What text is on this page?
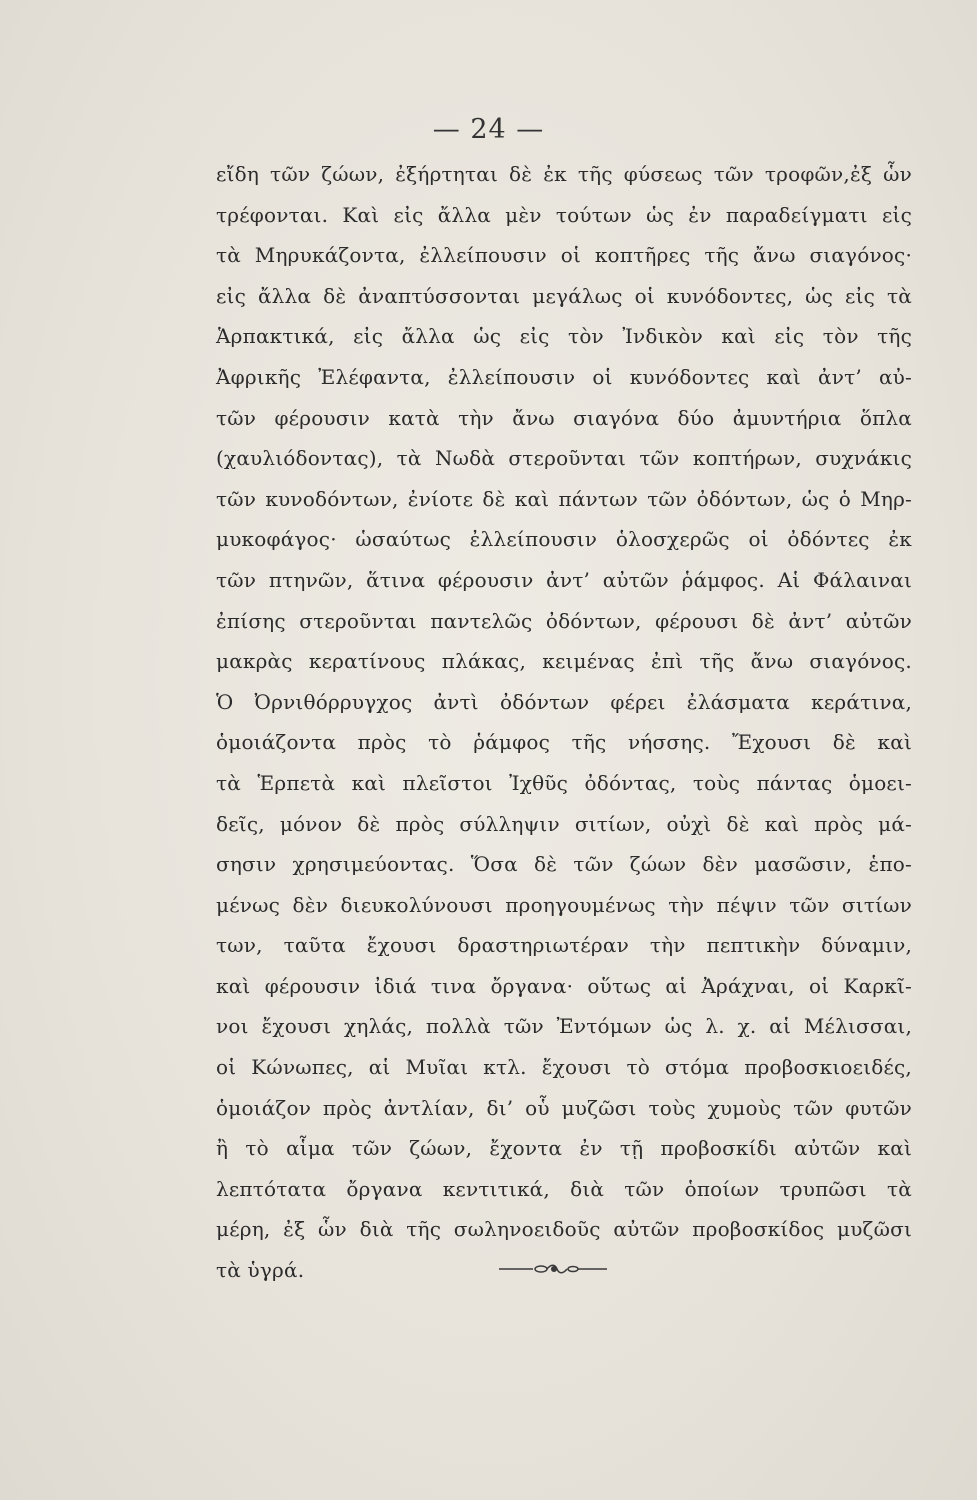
— 24 —
εἴδη τῶν ζώων, ἐξήρτηται δὲ ἐκ τῆς φύσεως τῶν τροφῶν,ἐξ ὧν
τρέφονται. Καὶ εἰς ἄλλα μὲν τούτων ὡς ἐν παραδείγματι εἰς
τὰ Μηρυκάζοντα, ἐλλείπουσιν οἱ κοπτῆρες τῆς ἄνω σιαγόνος·
εἰς ἄλλα δὲ ἀναπτύσσονται μεγάλως οἱ κυνόδοντες, ὡς εἰς τὰ
Ἁρπακτικά, εἰς ἄλλα ὡς εἰς τὸν Ἰνδικὸν καὶ εἰς τὸν τῆς
Ἀφρικῆς Ἐλέφαντα, ἐλλείπουσιν οἱ κυνόδοντες καὶ ἀντ’ αὐ-
τῶν φέρουσιν κατὰ τὴν ἄνω σιαγόνα δύο ἀμυντήρια ὅπλα
(χαυλιόδοντας), τὰ Νωδὰ στεροῦνται τῶν κοπτήρων, συχνάκις
τῶν κυνοδόντων, ἐνίοτε δὲ καὶ πάντων τῶν ὀδόντων, ὡς ὁ Μηρ-
μυκοφάγος· ὡσαύτως ἐλλείπουσιν ὁλοσχερῶς οἱ ὀδόντες ἐκ
τῶν πτηνῶν, ἅτινα φέρουσιν ἀντ’ αὐτῶν ῥάμφος. Αἱ Φάλαιναι
ἐπίσης στεροῦνται παντελῶς ὀδόντων, φέρουσι δὲ ἀντ’ αὐτῶν
μακρὰς κερατίνους πλάκας, κειμένας ἐπὶ τῆς ἄνω σιαγόνος.
Ὁ Ὀρνιθόρρυγχος ἀντὶ ὀδόντων φέρει ἐλάσματα κεράτινα,
ὁμοιάζοντα πρὸς τὸ ῥάμφος τῆς νήσσης. Ἔχουσι δὲ καὶ
τὰ Ἑρπετὰ καὶ πλεῖστοι Ἰχθῦς ὀδόντας, τοὺς πάντας ὁμοει-
δεῖς, μόνον δὲ πρὸς σύλληψιν σιτίων, οὐχὶ δὲ καὶ πρὸς μά-
σησιν χρησιμεύοντας. Ὅσα δὲ τῶν ζώων δὲν μασῶσιν, ἑπο-
μένως δὲν διευκολύνουσι προηγουμένως τὴν πέψιν τῶν σιτίων
των, ταῦτα ἔχουσι δραστηριωτέραν τὴν πεπτικὴν δύναμιν,
καὶ φέρουσιν ἰδιά τινα ὄργανα· οὕτως αἱ Ἀράχναι, οἱ Καρκῖ-
νοι ἔχουσι χηλάς, πολλὰ τῶν Ἐντόμων ὡς λ. χ. αἱ Μέλισσαι,
οἱ Κώνωπες, αἱ Μυῖαι κτλ. ἔχουσι τὸ στόμα προβοσκιοειδές,
ὁμοιάζον πρὸς ἀντλίαν, δι’ οὗ μυζῶσι τοὺς χυμοὺς τῶν φυτῶν
ἢ τὸ αἷμα τῶν ζώων, ἔχοντα ἐν τῇ προβοσκίδι αὐτῶν καὶ
λεπτότατα ὄργανα κεντιτικά, διὰ τῶν ὁποίων τρυπῶσι τὰ
μέρη, ἐξ ὧν διὰ τῆς σωληνοειδοῦς αὐτῶν προβοσκίδος μυζῶσι
τὰ ὑγρά.
